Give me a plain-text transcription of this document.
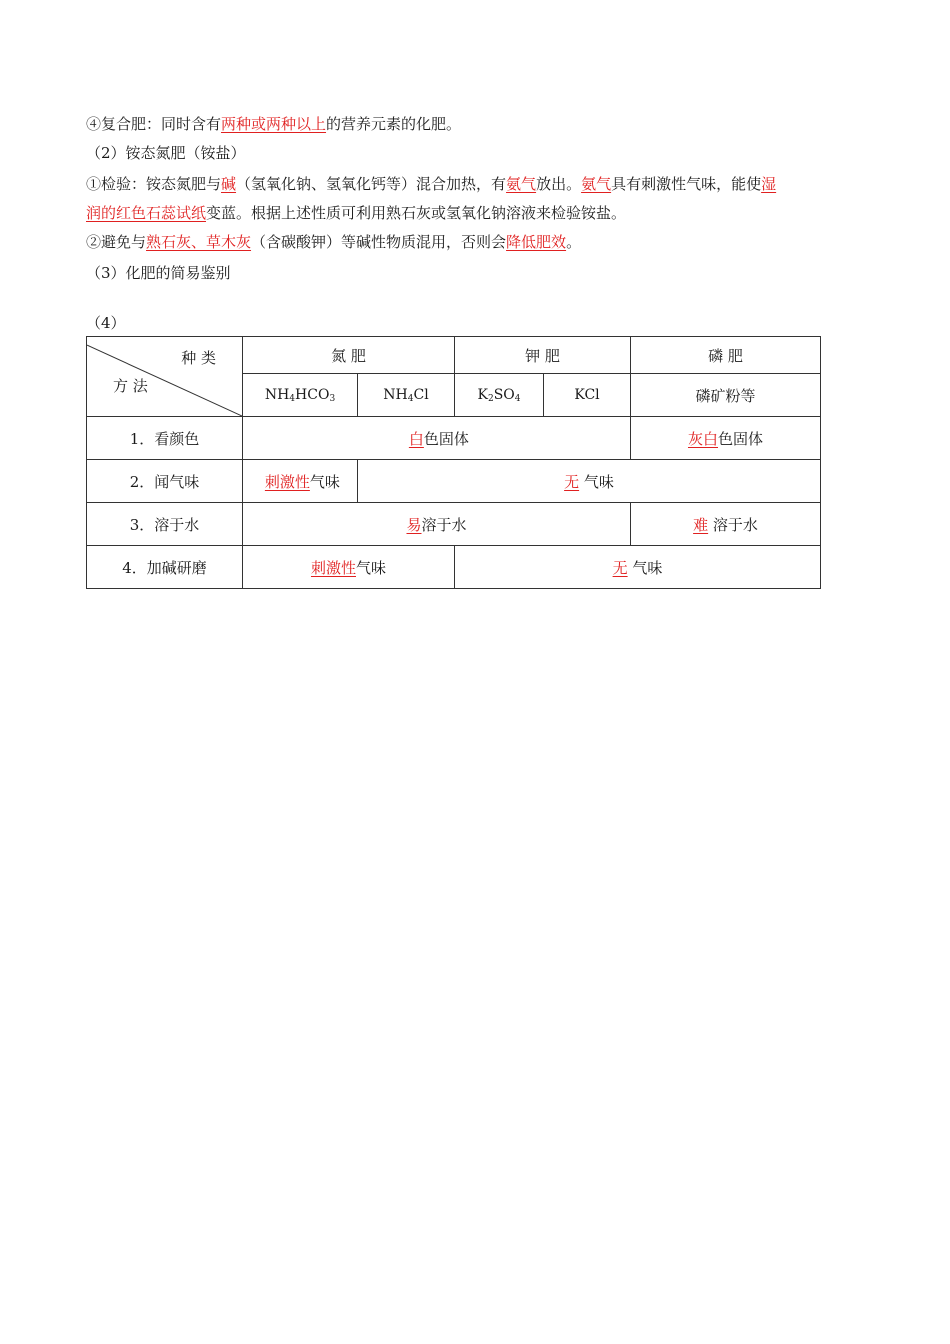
④复合肥：同时含有两种或两种以上的营养元素的化肥。
（2）铵态氮肥（铵盐）
①检验：铵态氮肥与碱（氢氧化钠、氢氧化钙等）混合加热，有氨气放出。氨气具有刺激性气味，能使湿
润的红色石蕊试纸变蓝。根据上述性质可利用熟石灰或氢氧化钠溶液来检验铵盐。
②避免与熟石灰、草木灰（含碳酸钾）等碱性物质混用，否则会降低肥效。
（3）化肥的简易鉴别
（4）
种 类
方 法	氮 肥		钾 肥		磷 肥
	$NH_4HCO_3$	$NH_4Cl$	$K_2SO_4$	KCl	磷矿粉等
1．看颜色	白色固体				灰白色固体
2．闻气味	刺激性气味	无 气味			
3．溶于水	易溶于水				难 溶于水
4．加碱研磨	刺激性气味		无 气味		
